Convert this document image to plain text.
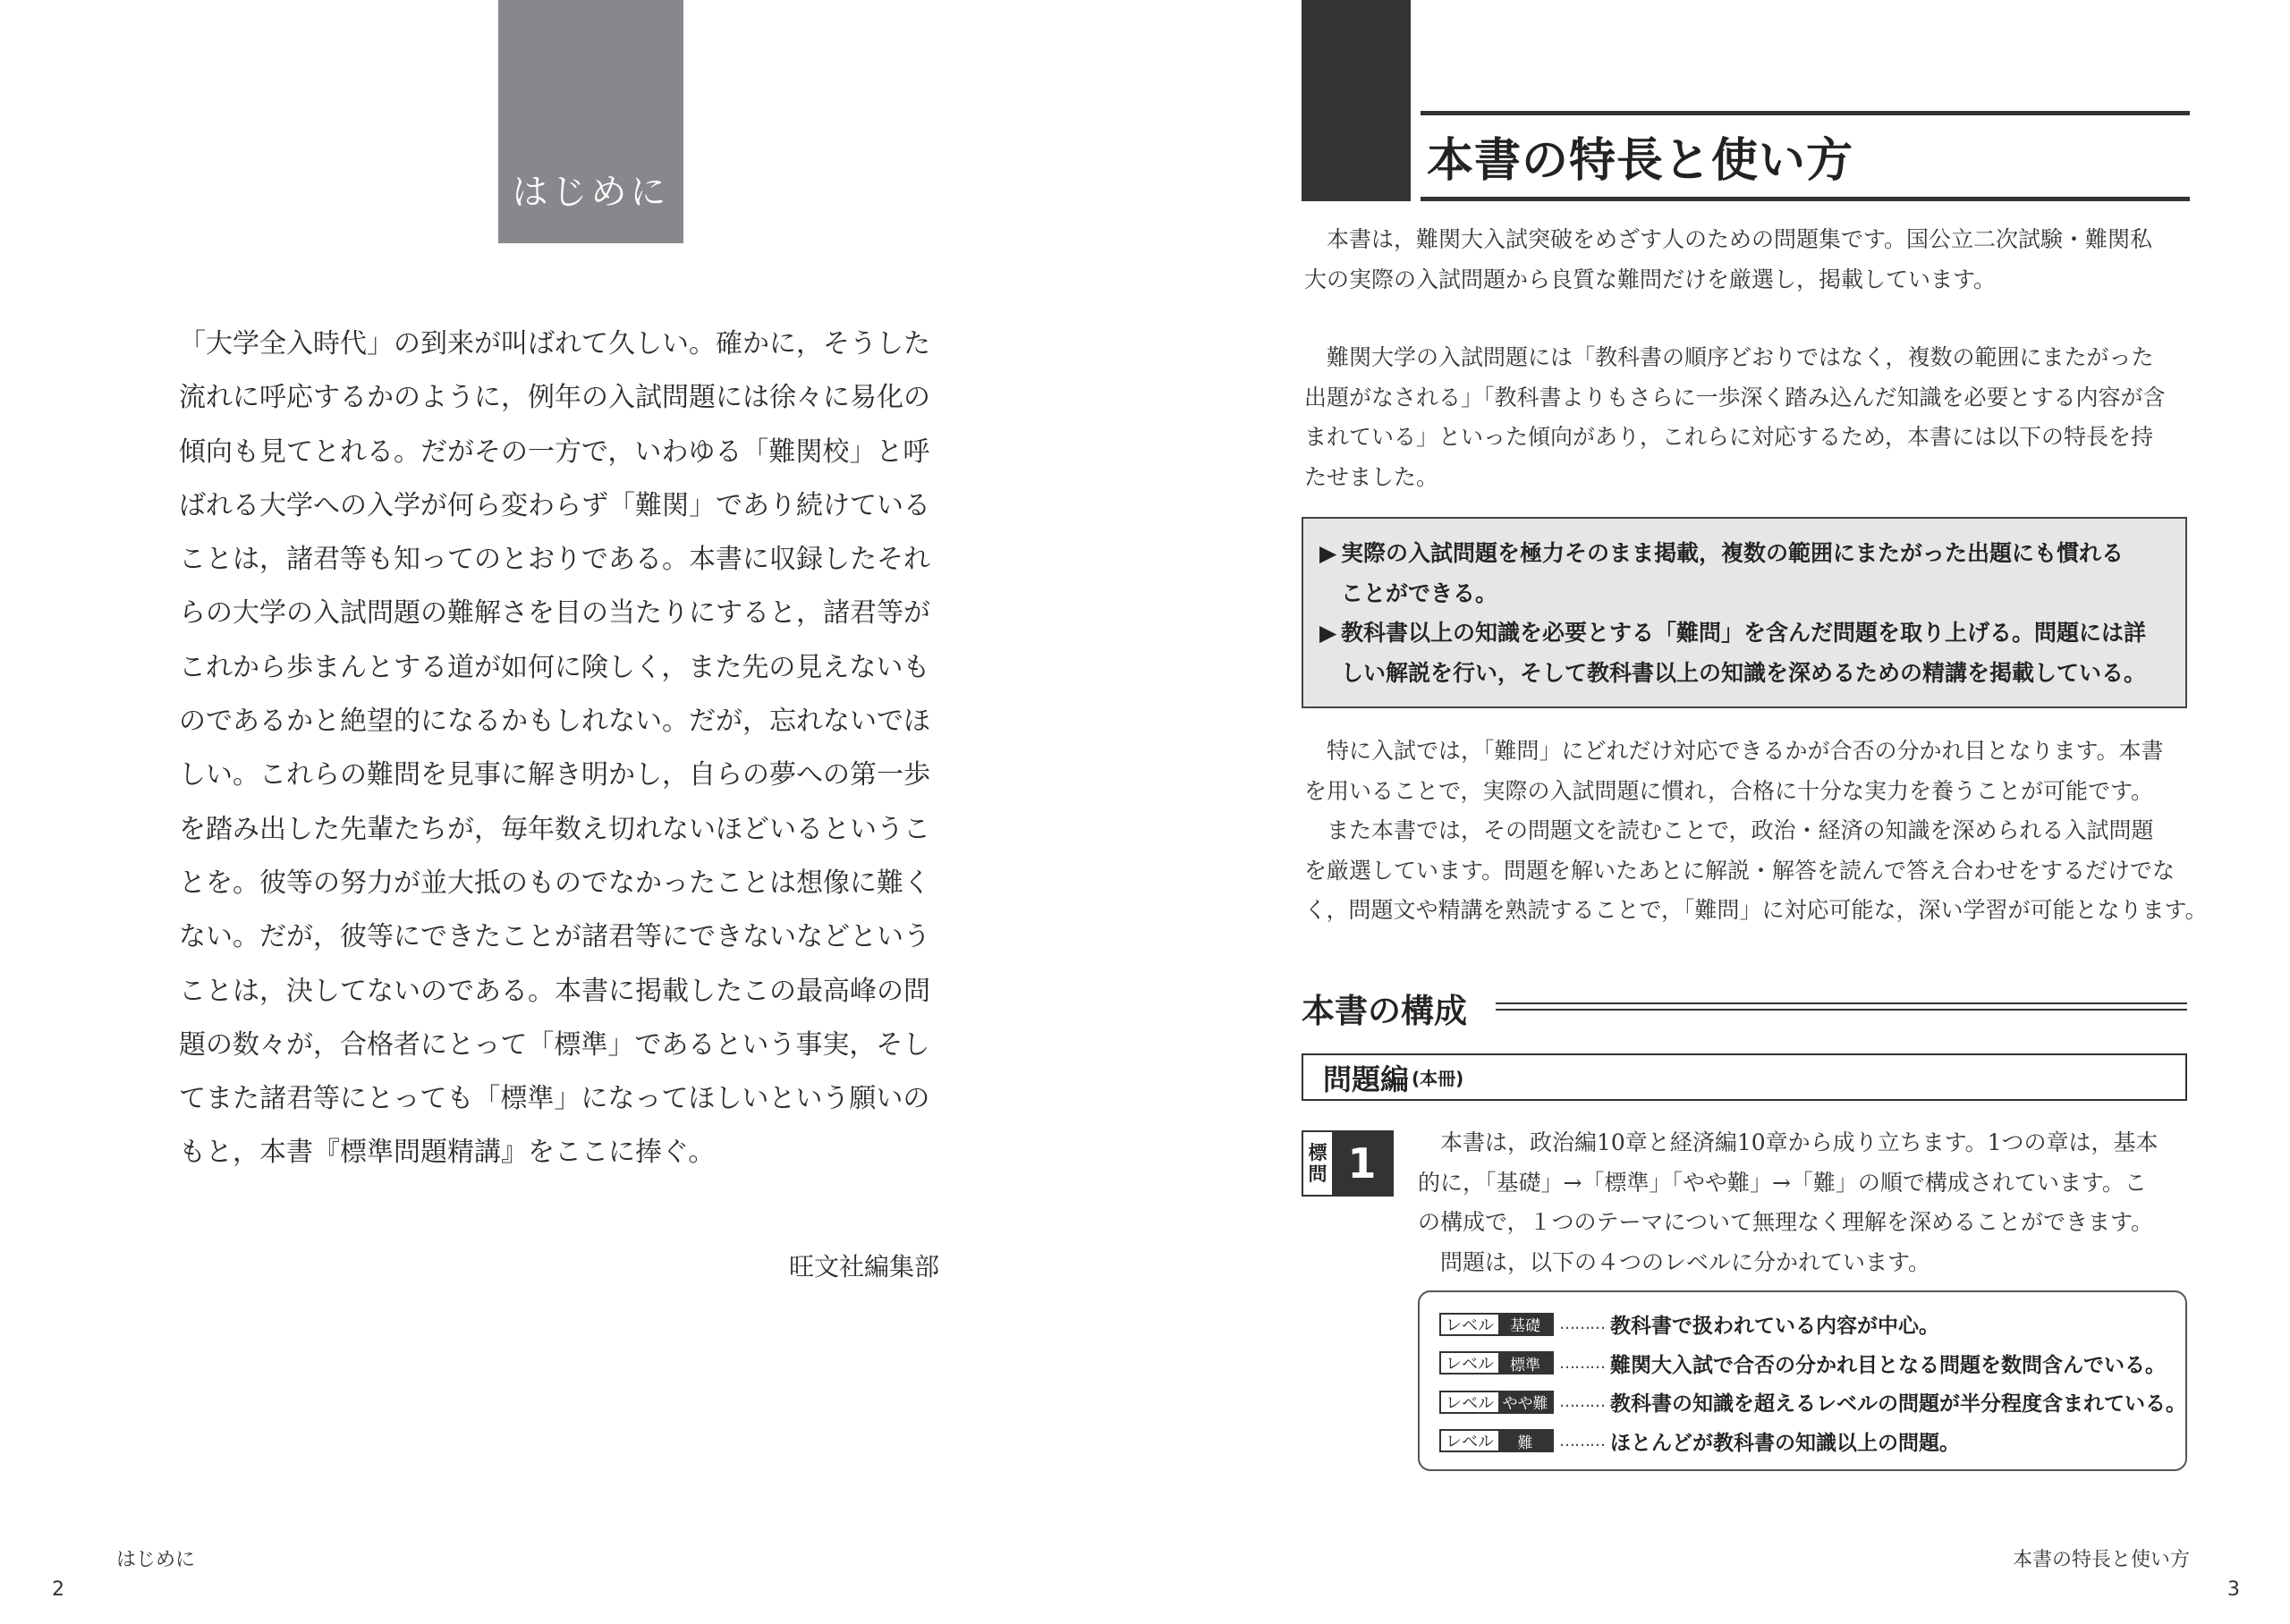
はじめに
「大学全入時代」の到来が叫ばれて久しい。確かに，そうした
流れに呼応するかのように，例年の入試問題には徐々に易化の
傾向も見てとれる。だがその一方で，いわゆる「難関校」と呼
ばれる大学への入学が何ら変わらず「難関」であり続けている
ことは，諸君等も知ってのとおりである。本書に収録したそれ
らの大学の入試問題の難解さを目の当たりにすると，諸君等が
これから歩まんとする道が如何に険しく，また先の見えないも
のであるかと絶望的になるかもしれない。だが，忘れないでほ
しい。これらの難問を見事に解き明かし，自らの夢への第一歩
を踏み出した先輩たちが，毎年数え切れないほどいるというこ
とを。彼等の努力が並大抵のものでなかったことは想像に難く
ない。だが，彼等にできたことが諸君等にできないなどという
ことは，決してないのである。本書に掲載したこの最高峰の問
題の数々が，合格者にとって「標準」であるという事実，そし
てまた諸君等にとっても「標準」になってほしいという願いの
もと，本書『標準問題精講』をここに捧ぐ。
旺文社編集部
はじめに
2
本書の特長と使い方
　本書は，難関大入試突破をめざす人のための問題集です。国公立二次試験・難関私
大の実際の入試問題から良質な難問だけを厳選し，掲載しています。
　難関大学の入試問題には「教科書の順序どおりではなく，複数の範囲にまたがった
出題がなされる」「教科書よりもさらに一歩深く踏み込んだ知識を必要とする内容が含
まれている」といった傾向があり，これらに対応するため，本書には以下の特長を持
たせました。
▶ 実際の入試問題を極力そのまま掲載，複数の範囲にまたがった出題にも慣れる
ことができる。
▶ 教科書以上の知識を必要とする「難問」を含んだ問題を取り上げる。問題には詳
しい解説を行い，そして教科書以上の知識を深めるための精講を掲載している。
　特に入試では，「難問」にどれだけ対応できるかが合否の分かれ目となります。本書
を用いることで，実際の入試問題に慣れ，合格に十分な実力を養うことが可能です。
　また本書では，その問題文を読むことで，政治・経済の知識を深められる入試問題
を厳選しています。問題を解いたあとに解説・解答を読んで答え合わせをするだけでな
く，問題文や精講を熟読することで，「難問」に対応可能な，深い学習が可能となります。
本書の構成
問題編 (本冊)
標
問 1	　本書は，政治編10章と経済編10章から成り立ちます。1つの章は，基本
的に，「基礎」→「標準」「やや難」→「難」の順で構成されています。こ
の構成で，１つのテーマについて無理なく理解を深めることができます。
　問題は，以下の４つのレベルに分かれています。
レベル	基礎	……… 教科書で扱われている内容が中心。
レベル	標準	……… 難関大入試で合否の分かれ目となる問題を数問含んでいる。
レベル やや難 ……… 教科書の知識を超えるレベルの問題が半分程度含まれている。
レベル	難	……… ほとんどが教科書の知識以上の問題。
本書の特長と使い方
3
